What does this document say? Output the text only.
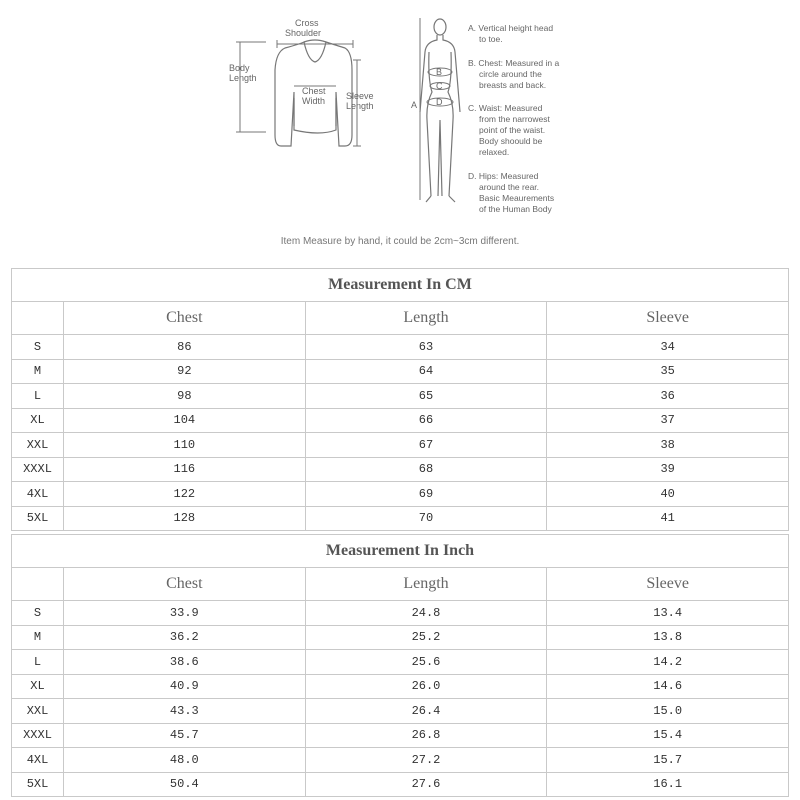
Cross Shoulder
Body Length
Chest Width	Sleeve Length	A
B
C
D
A. Vertical height head to toe.
B. Chest: Measured in a circle around the breasts and back.
C. Waist: Measured from the narrowest point of the waist. Body shoould be relaxed.
D. Hips: Measured around the rear. Basic Meaurements of the Human Body
Item Measure by hand, it could be 2cm~3cm different.
Measurement In CM			
	Chest	Length	Sleeve
S	86	63	34
M	92	64	35
L	98	65	36
XL	104	66	37
XXL	110	67	38
XXXL	116	68	39
4XL	122	69	40
5XL	128	70	41
Measurement In Inch			
	Chest	Length	Sleeve
S	33.9	24.8	13.4
M	36.2	25.2	13.8
L	38.6	25.6	14.2
XL	40.9	26.0	14.6
XXL	43.3	26.4	15.0
XXXL	45.7	26.8	15.4
4XL	48.0	27.2	15.7
5XL	50.4	27.6	16.1
